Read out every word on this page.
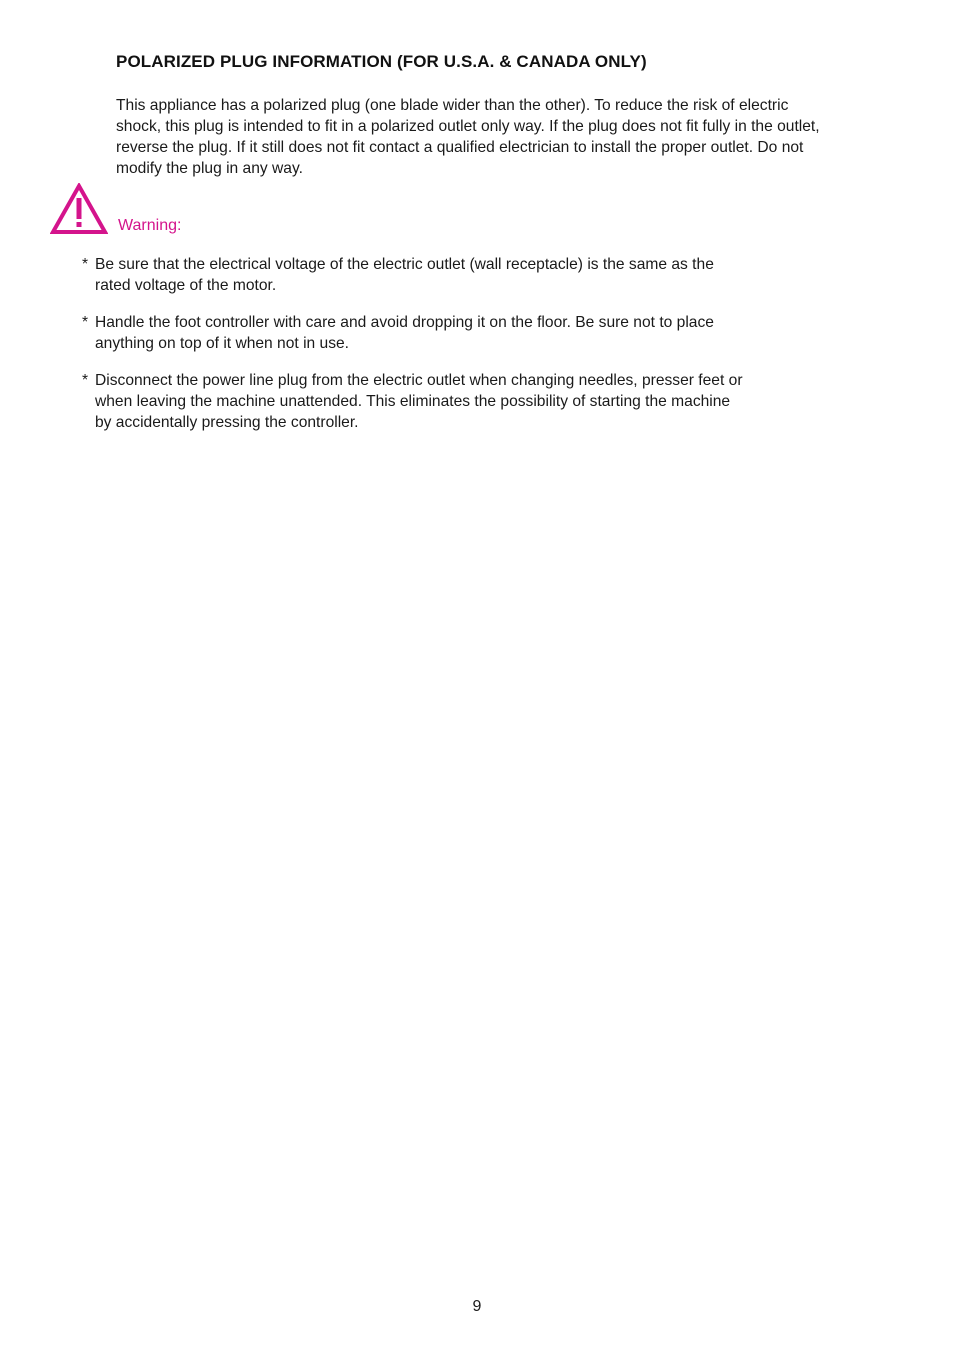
POLARIZED PLUG INFORMATION (FOR U.S.A. & CANADA ONLY)
This appliance has a polarized plug (one blade wider than the other). To reduce the risk of electric shock, this plug is intended to fit in a polarized outlet only way. If the plug does not fit fully in the outlet, reverse the plug. If it still does not fit contact a qualified electrician to install the proper outlet. Do not modify the plug in any way.
Warning:
* Be sure that the electrical voltage of the electric outlet (wall receptacle) is the same as the
rated voltage of the motor.
* Handle the foot controller with care and avoid dropping it on the floor. Be sure not to place
anything on top of it when not in use.
* Disconnect the power line plug from the electric outlet when changing needles, presser feet or
when leaving the machine unattended. This eliminates the possibility of starting the machine
by accidentally pressing the controller.
9
